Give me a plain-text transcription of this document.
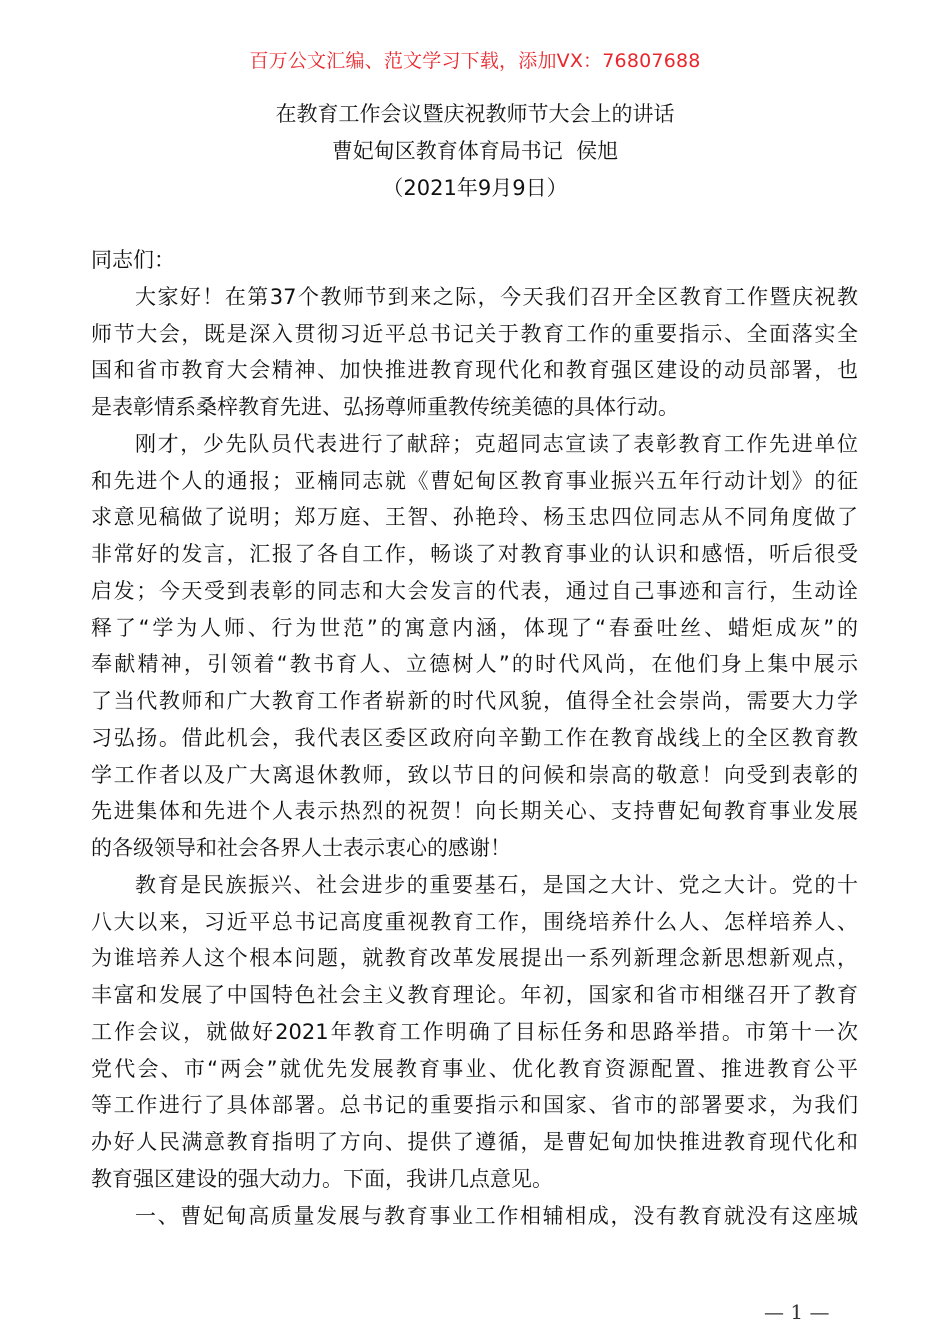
百万公文汇编、范文学习下载，添加VX：76807688
在教育工作会议暨庆祝教师节大会上的讲话
曹妃甸区教育体育局书记  侯旭
（2021年9月9日）
同志们：
大家好！在第37个教师节到来之际，今天我们召开全区教育工作暨庆祝教
师节大会，既是深入贯彻习近平总书记关于教育工作的重要指示、全面落实全
国和省市教育大会精神、加快推进教育现代化和教育强区建设的动员部署，也
是表彰情系桑梓教育先进、弘扬尊师重教传统美德的具体行动。
刚才，少先队员代表进行了献辞；克超同志宣读了表彰教育工作先进单位
和先进个人的通报；亚楠同志就《曹妃甸区教育事业振兴五年行动计划》的征
求意见稿做了说明；郑万庭、王智、孙艳玲、杨玉忠四位同志从不同角度做了
非常好的发言，汇报了各自工作，畅谈了对教育事业的认识和感悟，听后很受
启发；今天受到表彰的同志和大会发言的代表，通过自己事迹和言行，生动诠
释了“学为人师、行为世范”的寓意内涵，体现了“春蚕吐丝、蜡炬成灰”的
奉献精神，引领着“教书育人、立德树人”的时代风尚，在他们身上集中展示
了当代教师和广大教育工作者崭新的时代风貌，值得全社会崇尚，需要大力学
习弘扬。借此机会，我代表区委区政府向辛勤工作在教育战线上的全区教育教
学工作者以及广大离退休教师，致以节日的问候和崇高的敬意！向受到表彰的
先进集体和先进个人表示热烈的祝贺！向长期关心、支持曹妃甸教育事业发展
的各级领导和社会各界人士表示衷心的感谢！
教育是民族振兴、社会进步的重要基石，是国之大计、党之大计。党的十
八大以来，习近平总书记高度重视教育工作，围绕培养什么人、怎样培养人、
为谁培养人这个根本问题，就教育改革发展提出一系列新理念新思想新观点，
丰富和发展了中国特色社会主义教育理论。年初，国家和省市相继召开了教育
工作会议，就做好2021年教育工作明确了目标任务和思路举措。市第十一次
党代会、市“两会”就优先发展教育事业、优化教育资源配置、推进教育公平
等工作进行了具体部署。总书记的重要指示和国家、省市的部署要求，为我们
办好人民满意教育指明了方向、提供了遵循，是曹妃甸加快推进教育现代化和
教育强区建设的强大动力。下面，我讲几点意见。
一、曹妃甸高质量发展与教育事业工作相辅相成，没有教育就没有这座城
— 1 —
